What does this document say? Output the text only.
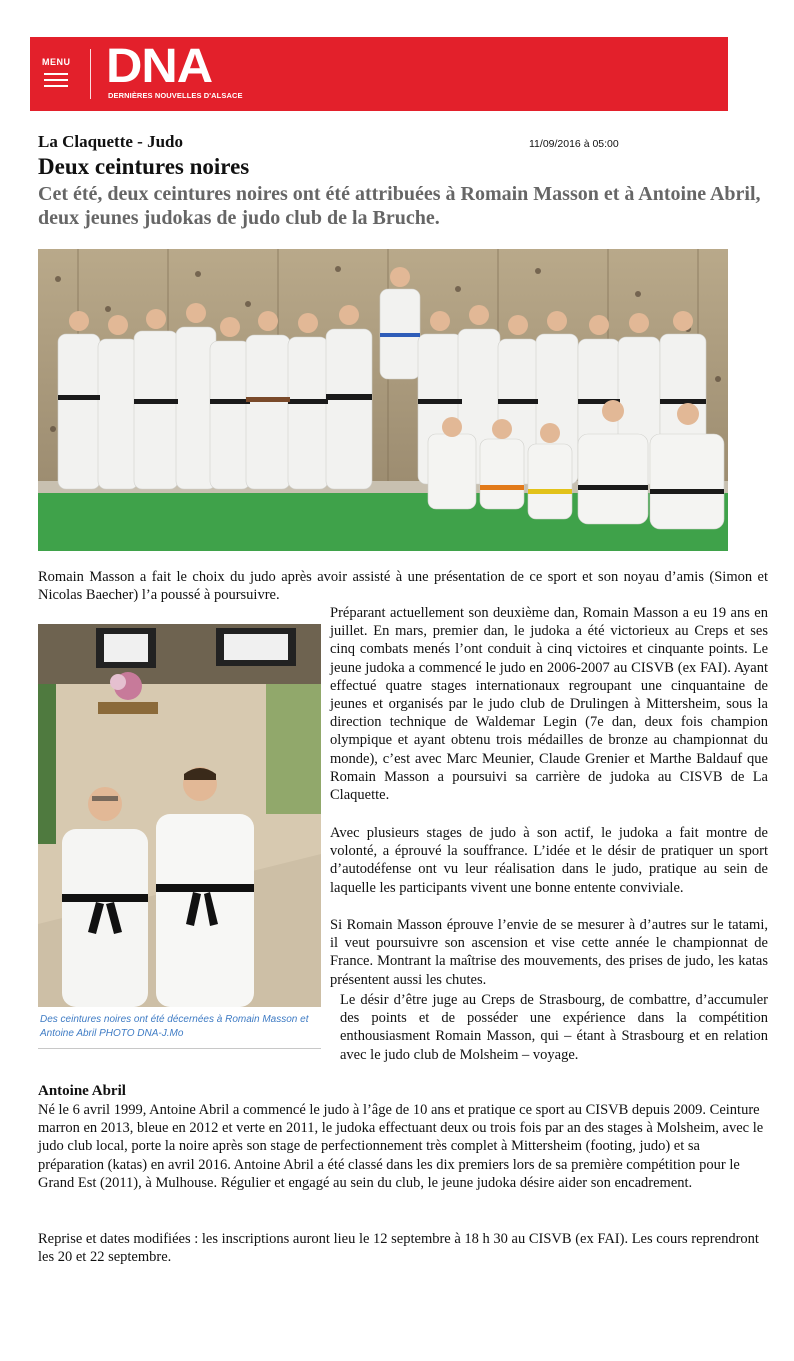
MENU DNA
DERNIÈRES NOUVELLES D'ALSACE
La Claquette - Judo	11/09/2016 à 05:00
Deux ceintures noires
Cet été, deux ceintures noires ont été attribuées à Romain Masson et à Antoine Abril, deux jeunes judokas de judo club de la Bruche.
Romain Masson a fait le choix du judo après avoir assisté à une présentation de ce sport et son noyau d’amis (Simon et Nicolas Baecher) l’a poussé à poursuivre.
Des ceintures noires ont été décernées à Romain Masson et Antoine Abril PHOTO DNA-J.Mo
Préparant actuellement son deuxième dan, Romain Masson a eu 19 ans en juillet. En mars, premier dan, le judoka a été victorieux au Creps et ses cinq combats menés l’ont conduit à cinq victoires et cinquante points. Le jeune judoka a commencé le judo en 2006-2007 au CISVB (ex FAI). Ayant effectué quatre stages internationaux regroupant une cinquantaine de jeunes et organisés par le judo club de Drulingen à Mittersheim, sous la direction technique de Waldemar Legin (7e dan, deux fois champion olympique et ayant obtenu trois médailles de bronze au championnat du monde), c’est avec Marc Meunier, Claude Grenier et Marthe Baldauf que Romain Masson a poursuivi sa carrière de judoka au CISVB de La Claquette.
Avec plusieurs stages de judo à son actif, le judoka a fait montre de volonté, a éprouvé la souffrance. L’idée et le désir de pratiquer un sport d’autodéfense ont vu leur réalisation dans le judo, pratique au sein de laquelle les participants vivent une bonne entente conviviale.
Si Romain Masson éprouve l’envie de se mesurer à d’autres sur le tatami, il veut poursuivre son ascension et vise cette année le championnat de France. Montrant la maîtrise des mouvements, des prises de judo, les katas présentent aussi les chutes.
Le désir d’être juge au Creps de Strasbourg, de combattre, d’accumuler des points et de posséder une expérience dans la compétition enthousiasment Romain Masson, qui – étant à Strasbourg et en relation avec le judo club de Molsheim – voyage.
Antoine Abril
Né le 6 avril 1999, Antoine Abril a commencé le judo à l’âge de 10 ans et pratique ce sport au CISVB depuis 2009. Ceinture marron en 2013, bleue en 2012 et verte en 2011, le judoka effectuant deux ou trois fois par an des stages à Molsheim, avec le judo club local, porte la noire après son stage de perfectionnement très complet à Mittersheim (footing, judo) et sa préparation (katas) en avril 2016. Antoine Abril a été classé dans les dix premiers lors de sa première compétition pour le Grand Est (2011), à Mulhouse. Régulier et engagé au sein du club, le jeune judoka désire aider son encadrement.
Reprise et dates modifiées : les inscriptions auront lieu le 12 septembre à 18 h 30 au CISVB (ex FAI). Les cours reprendront les 20 et 22 septembre.
